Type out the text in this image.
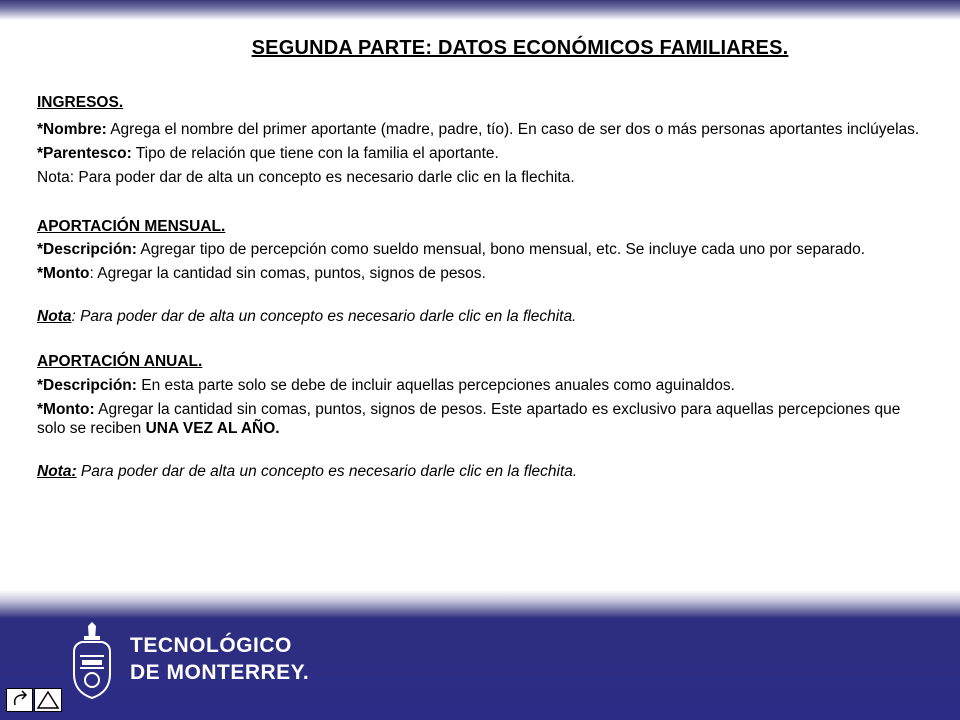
SEGUNDA PARTE: DATOS ECONÓMICOS FAMILIARES.

INGRESOS.

*Nombre: Agrega el nombre del primer aportante (madre, padre, tío). En caso de ser dos o más personas aportantes inclúyelas.

*Parentesco: Tipo de relación que tiene con la familia el aportante.

Nota: Para poder dar de alta un concepto es necesario darle clic en la flechita.

APORTACIÓN MENSUAL.

*Descripción: Agregar tipo de percepción como sueldo mensual, bono mensual, etc. Se incluye cada uno por separado.

*Monto: Agregar la cantidad sin comas, puntos, signos de pesos.

Nota: Para poder dar de alta un concepto es necesario darle clic en la flechita.

APORTACIÓN ANUAL.

*Descripción: En esta parte solo se debe de incluir aquellas percepciones anuales como aguinaldos.

*Monto: Agregar la cantidad sin comas, puntos, signos de pesos. Este apartado es exclusivo para aquellas percepciones que solo se reciben UNA VEZ AL AÑO.

Nota: Para poder dar de alta un concepto es necesario darle clic en la flechita.

TECNOLÓGICO
DE MONTERREY.
